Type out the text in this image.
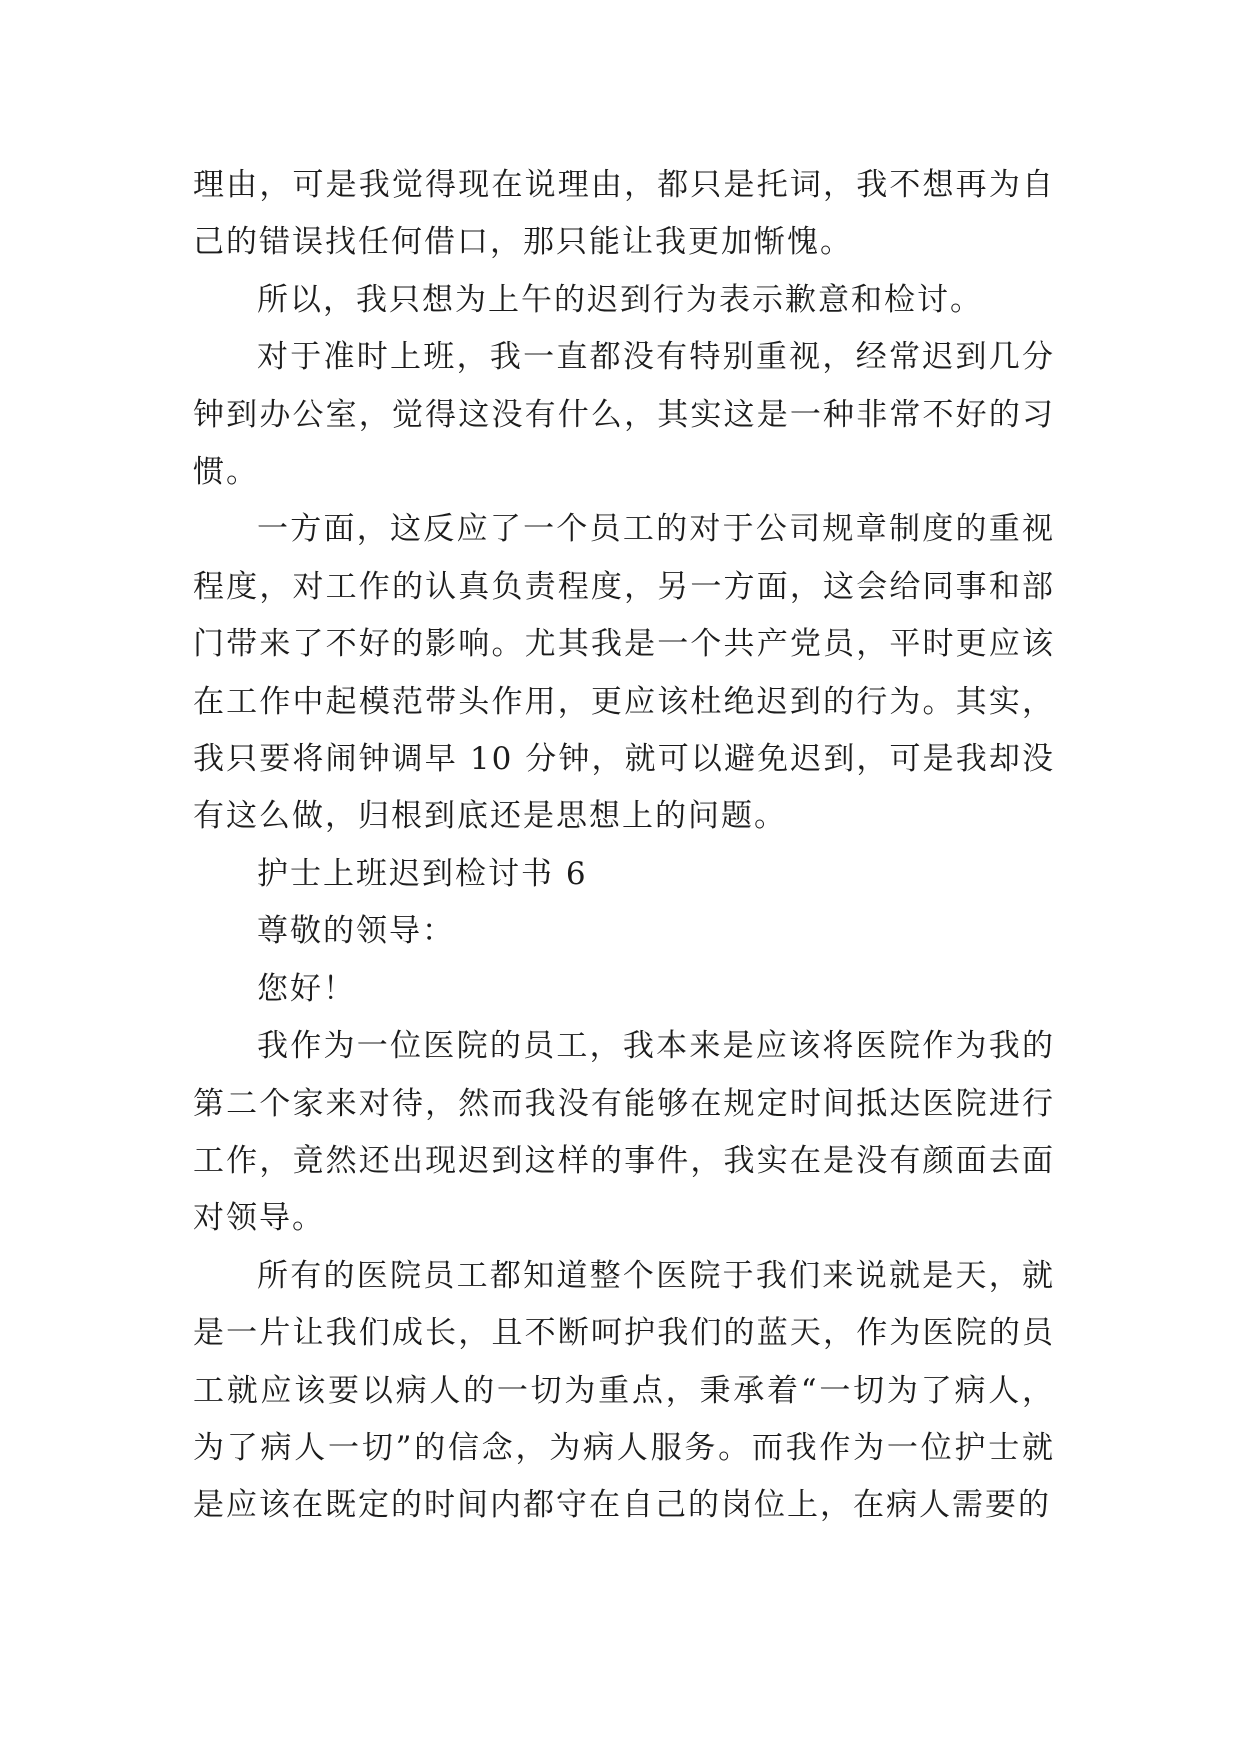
理由，可是我觉得现在说理由，都只是托词，我不想再为自己的错误找任何借口，那只能让我更加惭愧。

所以，我只想为上午的迟到行为表示歉意和检讨。

对于准时上班，我一直都没有特别重视，经常迟到几分钟到办公室，觉得这没有什么，其实这是一种非常不好的习惯。

一方面，这反应了一个员工的对于公司规章制度的重视程度，对工作的认真负责程度，另一方面，这会给同事和部门带来了不好的影响。尤其我是一个共产党员，平时更应该在工作中起模范带头作用，更应该杜绝迟到的行为。其实，我只要将闹钟调早 10 分钟，就可以避免迟到，可是我却没有这么做，归根到底还是思想上的问题。

护士上班迟到检讨书 6

尊敬的领导：

您好！

我作为一位医院的员工，我本来是应该将医院作为我的第二个家来对待，然而我没有能够在规定时间抵达医院进行工作，竟然还出现迟到这样的事件，我实在是没有颜面去面对领导。

所有的医院员工都知道整个医院于我们来说就是天，就是一片让我们成长，且不断呵护我们的蓝天，作为医院的员工就应该要以病人的一切为重点，秉承着“一切为了病人，为了病人一切”的信念，为病人服务。而我作为一位护士就是应该在既定的时间内都守在自己的岗位上，在病人需要的
